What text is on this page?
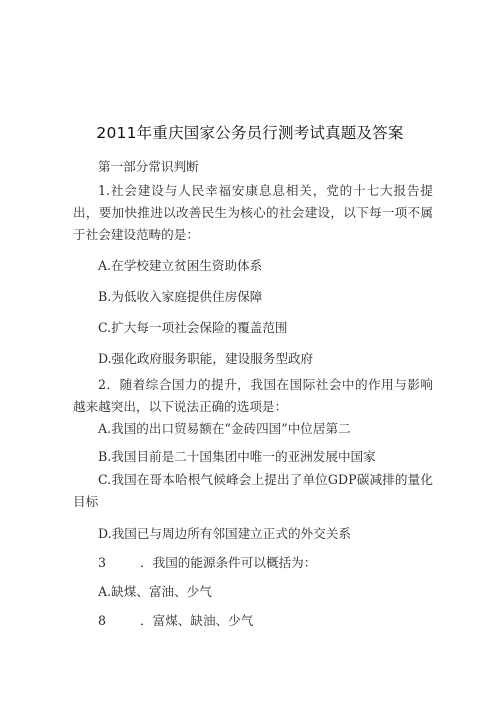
2011年重庆国家公务员行测考试真题及答案
第一部分常识判断
1.社会建设与人民幸福安康息息相关，党的十七大报告提出，要加快推进以改善民生为核心的社会建设，以下每一项不属于社会建设范畴的是：
A.在学校建立贫困生资助体系
B.为低收入家庭提供住房保障
C.扩大每一项社会保险的覆盖范围
D.强化政府服务职能，建设服务型政府
2．随着综合国力的提升，我国在国际社会中的作用与影响越来越突出，以下说法正确的选项是：
A.我国的出口贸易额在“金砖四国”中位居第二
B.我国目前是二十国集团中唯一的亚洲发展中国家
C.我国在哥本哈根气候峰会上提出了单位GDP碳减排的量化目标
D.我国已与周边所有邻国建立正式的外交关系
3	．我国的能源条件可以概括为：
A.缺煤、富油、少气
8	．富煤、缺油、少气
